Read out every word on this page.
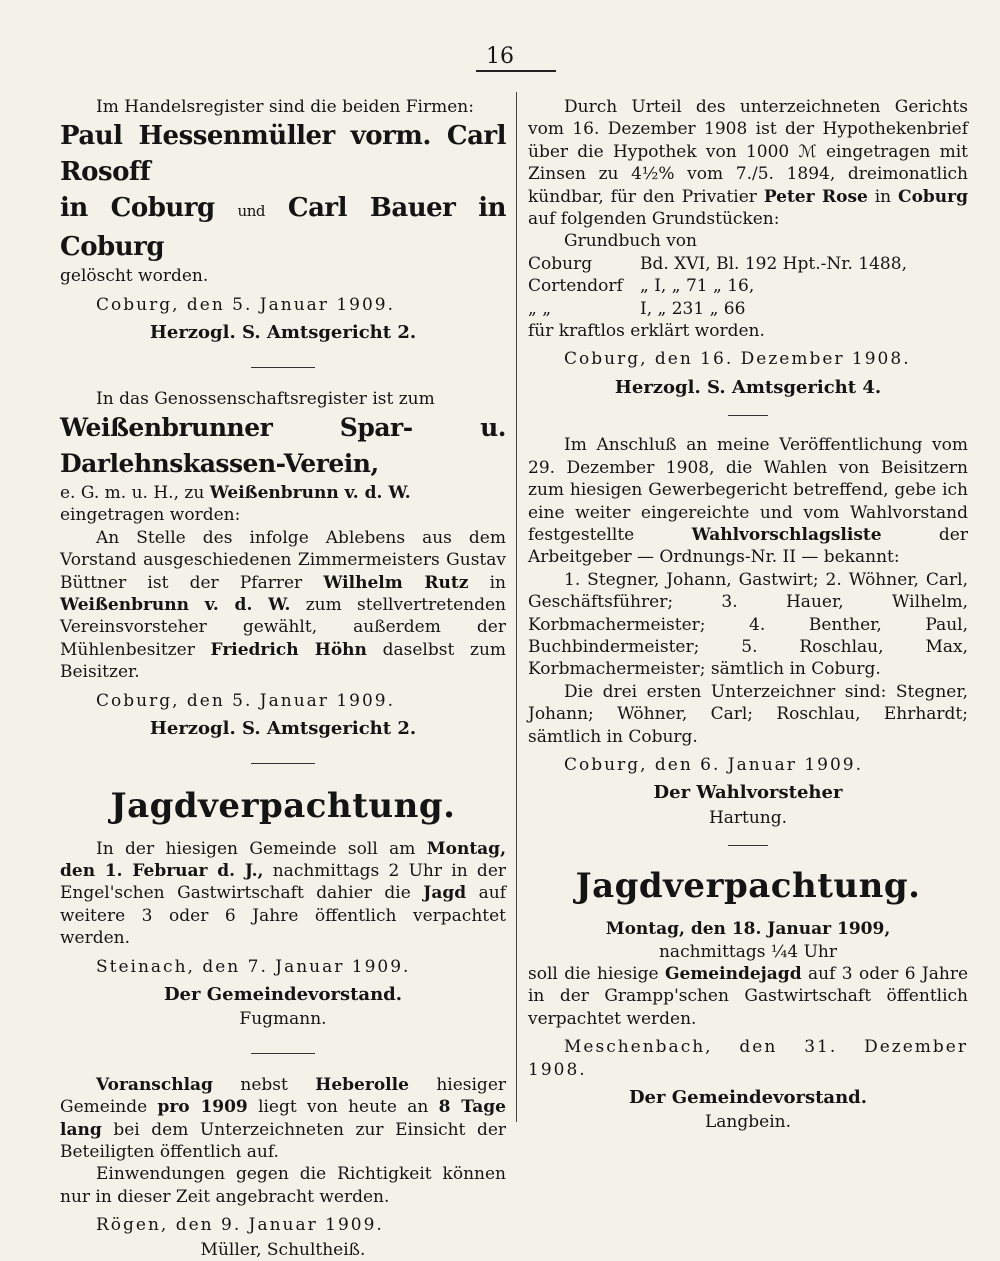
16

Im Handelsregister sind die beiden Firmen:

Paul Hessenmüller vorm. Carl Rosoff

in Coburg und Carl Bauer in Coburg

gelöscht worden.

Coburg, den 5. Januar 1909.

Herzogl. S. Amtsgericht 2.

In das Genossenschaftsregister ist zum

Weißenbrunner Spar- u. Darlehnskassen-Verein,

e. G. m. u. H., zu Weißenbrunn v. d. W.

eingetragen worden:

An Stelle des infolge Ablebens aus dem Vorstand ausgeschiedenen Zimmermeisters Gustav Büttner ist der Pfarrer Wilhelm Rutz in Weißenbrunn v. d. W. zum stellvertretenden Vereinsvorsteher gewählt, außerdem der Mühlenbesitzer Friedrich Höhn daselbst zum Beisitzer.

Coburg, den 5. Januar 1909.

Herzogl. S. Amtsgericht 2.

Jagdverpachtung.

In der hiesigen Gemeinde soll am Montag, den 1. Februar d. J., nachmittags 2 Uhr in der Engel'schen Gastwirtschaft dahier die Jagd auf weitere 3 oder 6 Jahre öffentlich verpachtet werden.

Steinach, den 7. Januar 1909.

Der Gemeindevorstand.

Fugmann.

Voranschlag nebst Heberolle hiesiger Gemeinde pro 1909 liegt von heute an 8 Tage lang bei dem Unterzeichneten zur Einsicht der Beteiligten öffentlich auf.

Einwendungen gegen die Richtigkeit können nur in dieser Zeit angebracht werden.

Rögen, den 9. Januar 1909.

Müller, Schultheiß.

Durch Urteil des unterzeichneten Gerichts vom 16. Dezember 1908 ist der Hypothekenbrief über die Hypothek von 1000 ℳ eingetragen mit Zinsen zu 4½% vom 7./5. 1894, dreimonatlich kündbar, für den Privatier Peter Rose in Coburg auf folgenden Grundstücken:

Grundbuch von

Coburg	Bd. XVI, Bl. 192 Hpt.-Nr. 1488,
Cortendorf	„ I, „ 71 „ 16,
„ „	I, „ 231 „ 66

für kraftlos erklärt worden.

Coburg, den 16. Dezember 1908.

Herzogl. S. Amtsgericht 4.

Im Anschluß an meine Veröffentlichung vom 29. Dezember 1908, die Wahlen von Beisitzern zum hiesigen Gewerbegericht betreffend, gebe ich eine weiter eingereichte und vom Wahlvorstand festgestellte	Wahlvorschlagsliste	der Arbeitgeber — Ordnungs-Nr. II — bekannt:

1. Stegner, Johann, Gastwirt; 2. Wöhner, Carl, Geschäftsführer; 3. Hauer, Wilhelm, Korbmachermeister; 4. Benther, Paul, Buchbindermeister; 5. Roschlau, Max, Korbmachermeister; sämtlich in Coburg.

Die drei ersten Unterzeichner sind: Stegner, Johann; Wöhner, Carl; Roschlau, Ehrhardt; sämtlich in Coburg.

Coburg, den 6. Januar 1909.

Der Wahlvorsteher

Hartung.

Jagdverpachtung.

Montag, den 18. Januar 1909,

nachmittags ¼4 Uhr

soll die hiesige Gemeindejagd auf 3 oder 6 Jahre in der Grampp'schen Gastwirtschaft öffentlich verpachtet werden.

Meschenbach, den 31. Dezember 1908.

Der Gemeindevorstand.

Langbein.
